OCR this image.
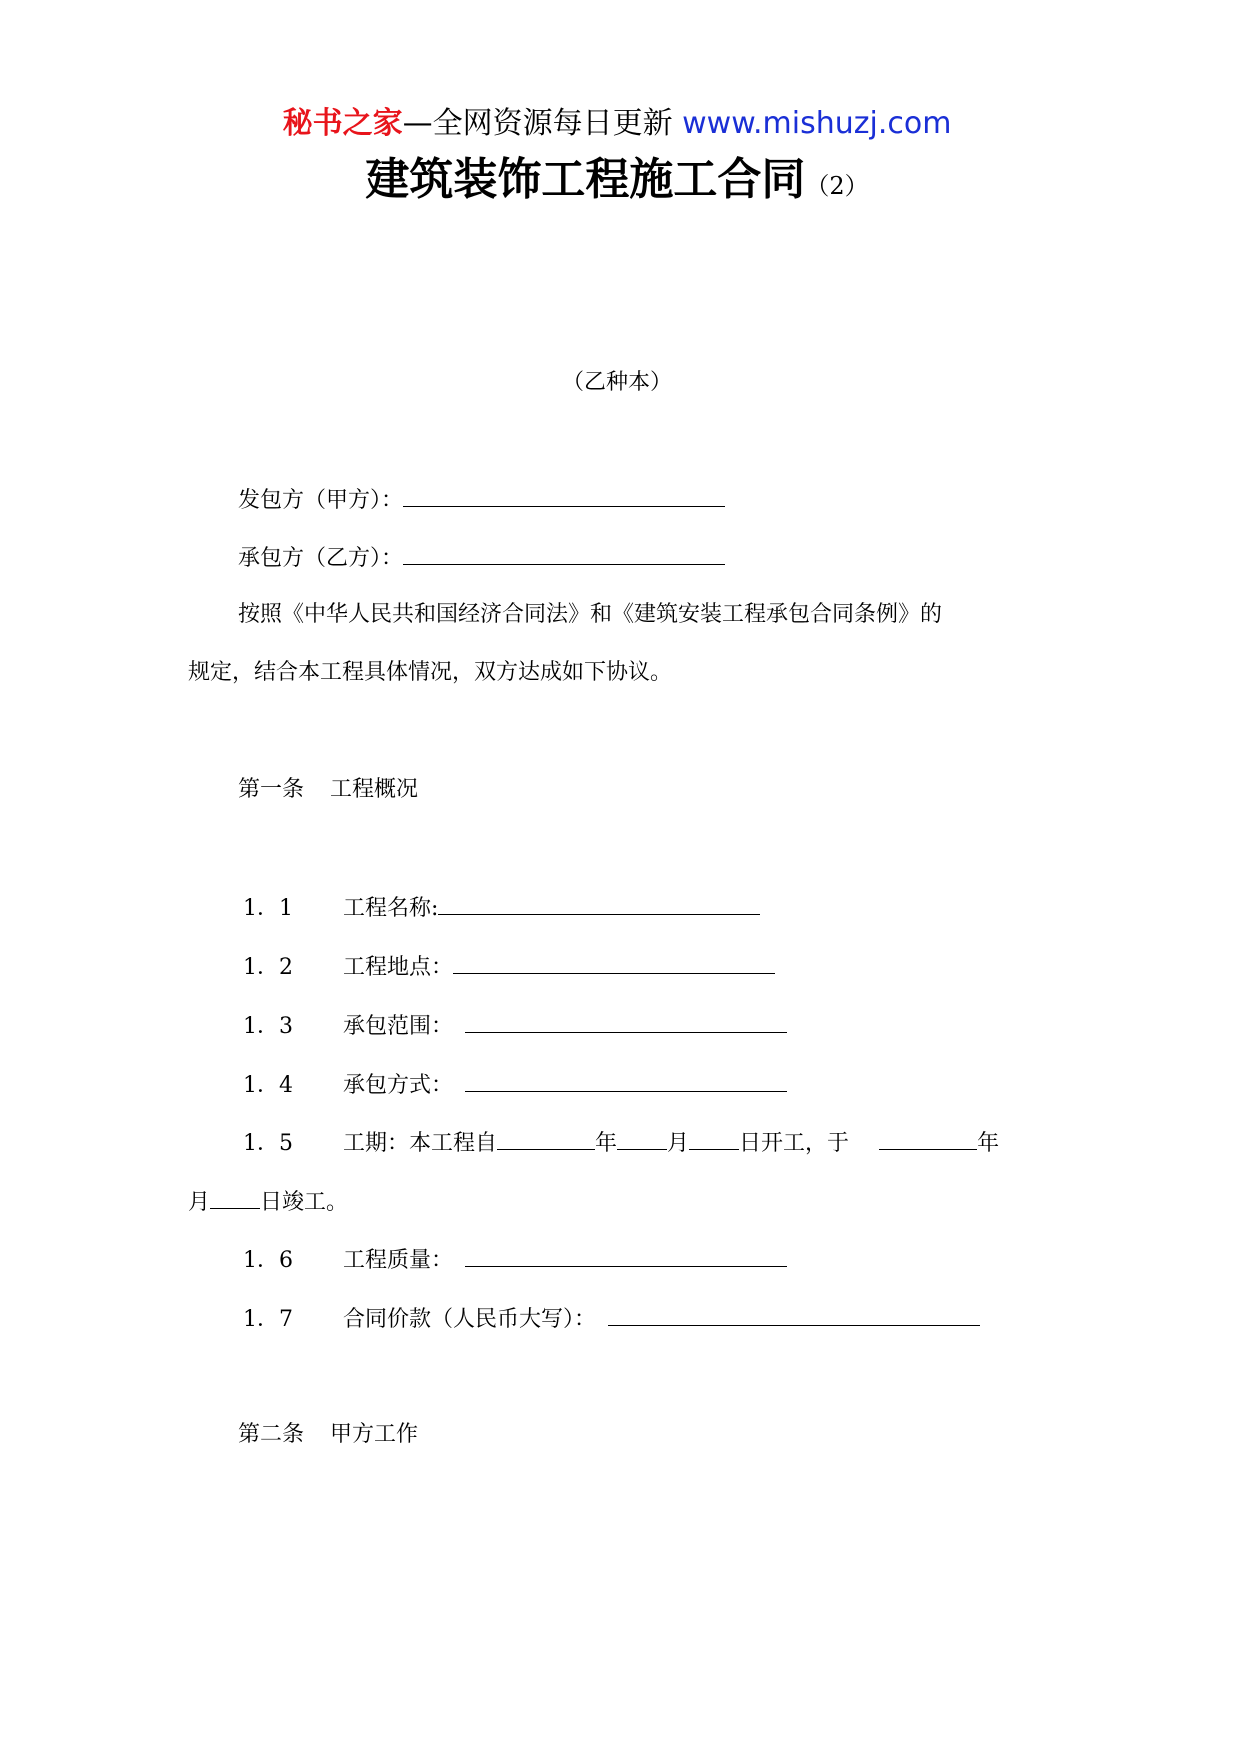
秘书之家—全网资源每日更新 www.mishuzj.com
建筑装饰工程施工合同（2）
（乙种本）
发包方（甲方）：
承包方（乙方）：
按照《中华人民共和国经济合同法》和《建筑安装工程承包合同条例》的
规定，结合本工程具体情况，双方达成如下协议。
第一条 工程概况
1．1 工程名称:
1．2 工程地点：
1．3 承包范围：
1．4 承包方式：
1．5 工期：本工程自	年 月 日开工，于	年
月 日竣工。
1．6 工程质量：
1．7 合同价款（人民币大写）：
第二条 甲方工作
